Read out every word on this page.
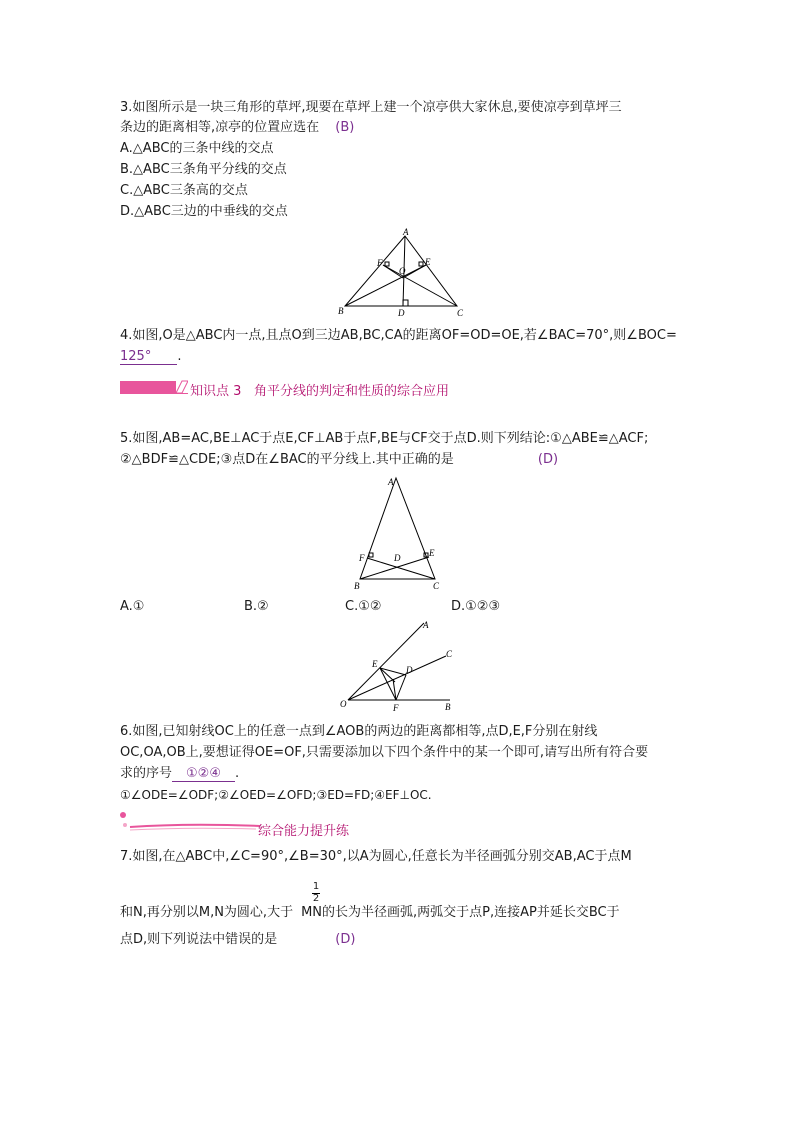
3.如图所示是一块三角形的草坪,现要在草坪上建一个凉亭供大家休息,要使凉亭到草坪三
条边的距离相等,凉亭的位置应选在 (B)
A.△ABC的三条中线的交点
B.△ABC三条角平分线的交点
C.△ABC三条高的交点
D.△ABC三边的中垂线的交点
A
B	C
D
E
F
O
4.如图,O是△ABC内一点,且点O到三边AB,BC,CA的距离OF=OD=OE,若∠BAC=70°,则∠BOC=
125° .
知识点 3 角平分线的判定和性质的综合应用
5.如图,AB=AC,BE⊥AC于点E,CF⊥AB于点F,BE与CF交于点D.则下列结论:①△ABE≌△ACF;
②△BDF≌△CDE;③点D在∠BAC的平分线上.其中正确的是	(D)
A
B	C
D	E
F
A.①	B.②	C.①②	D.①②③
A
B
C
D
E
F
O
6.如图,已知射线OC上的任意一点到∠AOB的两边的距离都相等,点D,E,F分别在射线
OC,OA,OB上,要想证得OE=OF,只需要添加以下四个条件中的某一个即可,请写出所有符合要
求的序号 ①②④ .
①∠ODE=∠ODF;②∠OED=∠OFD;③ED=FD;④EF⊥OC.
综合能力提升练
7.如图,在△ABC中,∠C=90°,∠B=30°,以A为圆心,任意长为半径画弧分别交AB,AC于点M
$\frac{1}{2}$
和N,再分别以M,N为圆心,大于 MN的长为半径画弧,两弧交于点P,连接AP并延长交BC于
点D,则下列说法中错误的是	(D)
